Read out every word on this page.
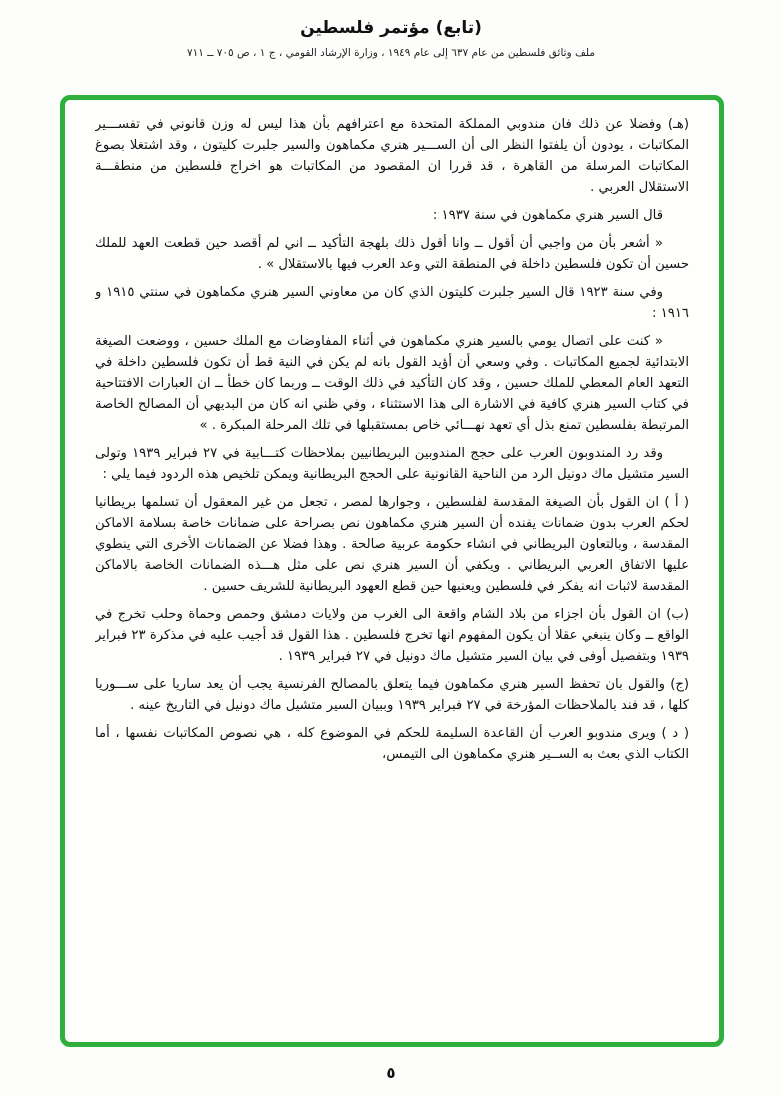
(تابع) مؤتمر فلسطين
ملف وثائق فلسطين من عام ٦٣٧ إلى عام ١٩٤٩ ، وزارة الإرشاد القومي ، ج ١ ، ص ٧٠٥ ــ ٧١١

(هـ) وفضلا عن ذلك فان مندوبي المملكة المتحدة مع اعترافهم بأن هذا ليس له وزن قانوني في تفســـير المكاتبات ، يودون أن يلفتوا النظر الى أن الســـير هنري مكماهون والسير جلبرت كليتون ، وقد اشتغلا بصوغ المكاتبات المرسلة من القاهرة ، قد قررا ان المقصود من المكاتبات هو اخراج فلسطين من منطقـــة الاستقلال العربي .

قال السير هنري مكماهون في سنة ١٩٣٧ :

« أشعر بأن من واجبي أن أقول ــ وانا أقول ذلك بلهجة التأكيد ــ اني لم أقصد حين قطعت العهد للملك حسين أن تكون فلسطين داخلة في المنطقة التي وعد العرب فيها بالاستقلال » .

وفي سنة ١٩٢٣ قال السير جلبرت كليتون الذي كان من معاوني السير هنري مكماهون في سنتي ١٩١٥ و ١٩١٦ :

« كنت على اتصال يومي بالسير هنري مكماهون في أثناء المفاوضات مع الملك حسين ، ووضعت الصيغة الابتدائية لجميع المكاتبات . وفي وسعي أن أؤيد القول بانه لم يكن في النية قط أن تكون فلسطين داخلة في التعهد العام المعطي للملك حسين ، وقد كان التأكيد في ذلك الوقت ــ وربما كان خطأ ــ ان العبارات الافتتاحية في كتاب السير هنري كافية في الاشارة الى هذا الاستثناء ، وفي ظني انه كان من البديهي أن المصالح الخاصة المرتبطة بفلسطين تمنع بذل أي تعهد نهـــائي خاص بمستقبلها في تلك المرحلة المبكرة . »

وقد رد المندوبون العرب على حجج المندوبين البريطانيين بملاحظات كتـــابية في ٢٧ فبراير ١٩٣٩ وتولى السير متشيل ماك دونيل الرد من الناحية القانونية على الحجج البريطانية ويمكن تلخيص هذه الردود فيما يلي :

( أ ) ان القول بأن الصيغة المقدسة لفلسطين ، وجوارها لمصر ، تجعل من غير المعقول أن تسلمها بريطانيا لحكم العرب بدون ضمانات يفنده أن السير هنري مكماهون نص بصراحة على ضمانات خاصة بسلامة الاماكن المقدسة ، وبالتعاون البريطاني في انشاء حكومة عربية صالحة . وهذا فضلا عن الضمانات الأخرى التي ينطوي عليها الاتفاق العربي البريطاني . ويكفي أن السير هنري نص على مثل هـــذه الضمانات الخاصة بالاماكن المقدسة لاثبات انه يفكر في فلسطين ويعنيها حين قطع العهود البريطانية للشريف حسين .

(ب) ان القول بأن اجزاء من بلاد الشام واقعة الى الغرب من ولايات دمشق وحمص وحماة وحلب تخرج في الواقع ــ وكان ينبغي عقلا أن يكون المفهوم انها تخرج فلسطين . هذا القول قد أجيب عليه في مذكرة ٢٣ فبراير ١٩٣٩ وبتفصيل أوفى في بيان السير متشيل ماك دونيل في ٢٧ فبراير ١٩٣٩ .

(ج) والقول بان تحفظ السير هنري مكماهون فيما يتعلق بالمصالح الفرنسية يجب أن يعد ساريا على ســـوريا كلها ، قد فند بالملاحظات المؤرخة في ٢٧ فبراير ١٩٣٩ وببيان السير متشيل ماك دونيل في التاريخ عينه .

( د ) ويرى مندوبو العرب أن القاعدة السليمة للحكم في الموضوع كله ، هي نصوص المكاتبات نفسها ، أما الكتاب الذي بعث به الســير هنري مكماهون الى التيمس،

٥
